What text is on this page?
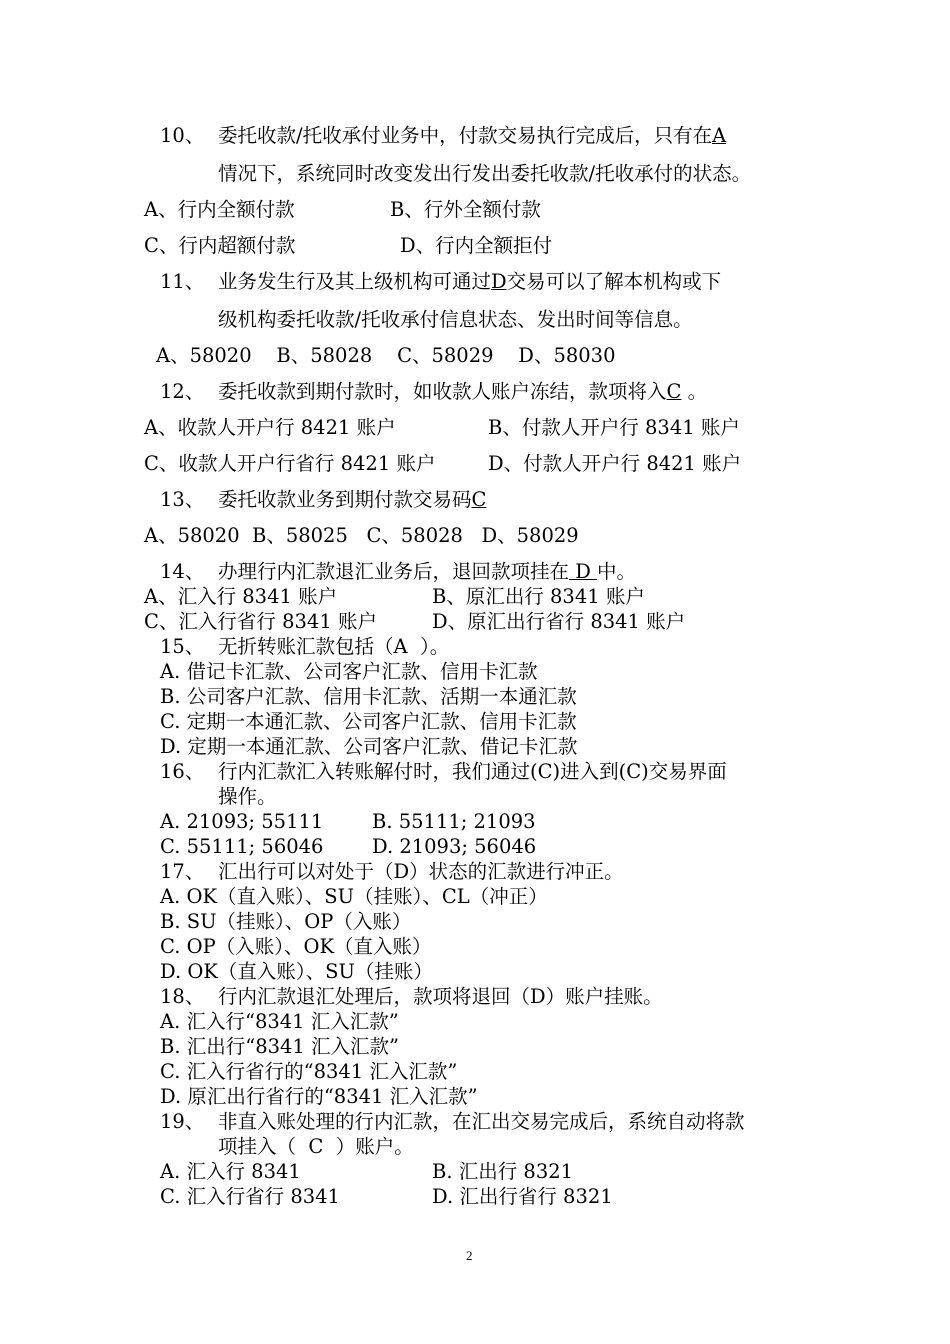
10、 委托收款/托收承付业务中，付款交易执行完成后，只有在A
情况下，系统同时改变发出行发出委托收款/托收承付的状态。
A、行内全额付款	B、行外全额付款
C、行内超额付款	D、行内全额拒付
11、 业务发生行及其上级机构可通过D交易可以了解本机构或下
级机构委托收款/托收承付信息状态、发出时间等信息。
A、58020    B、58028    C、58029    D、58030
12、 委托收款到期付款时，如收款人账户冻结，款项将入C 。
A、收款人开户行 8421 账户	B、付款人开户行 8341 账户
C、收款人开户行省行 8421 账户	D、付款人开户行 8421 账户
13、 委托收款业务到期付款交易码C
A、58020  B、58025   C、58028   D、58029
14、 办理行内汇款退汇业务后，退回款项挂在 D 中。
A、汇入行 8341 账户	B、原汇出行 8341 账户
C、汇入行省行 8341 账户	D、原汇出行省行 8341 账户
15、 无折转账汇款包括（A  ）。
A. 借记卡汇款、公司客户汇款、信用卡汇款
B. 公司客户汇款、信用卡汇款、活期一本通汇款
C. 定期一本通汇款、公司客户汇款、信用卡汇款
D. 定期一本通汇款、公司客户汇款、借记卡汇款
16、 行内汇款汇入转账解付时，我们通过(C)进入到(C)交易界面
操作。
A. 21093; 55111 B. 55111; 21093
C. 55111; 56046 D. 21093; 56046
17、 汇出行可以对处于（D）状态的汇款进行冲正。
A. OK（直入账）、SU（挂账）、CL（冲正）
B. SU（挂账）、OP（入账）
C. OP（入账）、OK（直入账）
D. OK（直入账）、SU（挂账）
18、 行内汇款退汇处理后，款项将退回（D）账户挂账。
A. 汇入行“8341 汇入汇款”
B. 汇出行“8341 汇入汇款”
C. 汇入行省行的“8341 汇入汇款”
D. 原汇出行省行的“8341 汇入汇款”
19、 非直入账处理的行内汇款，在汇出交易完成后，系统自动将款
项挂入（  C  ）账户。
A. 汇入行 8341	B. 汇出行 8321
C. 汇入行省行 8341	D. 汇出行省行 8321
2
